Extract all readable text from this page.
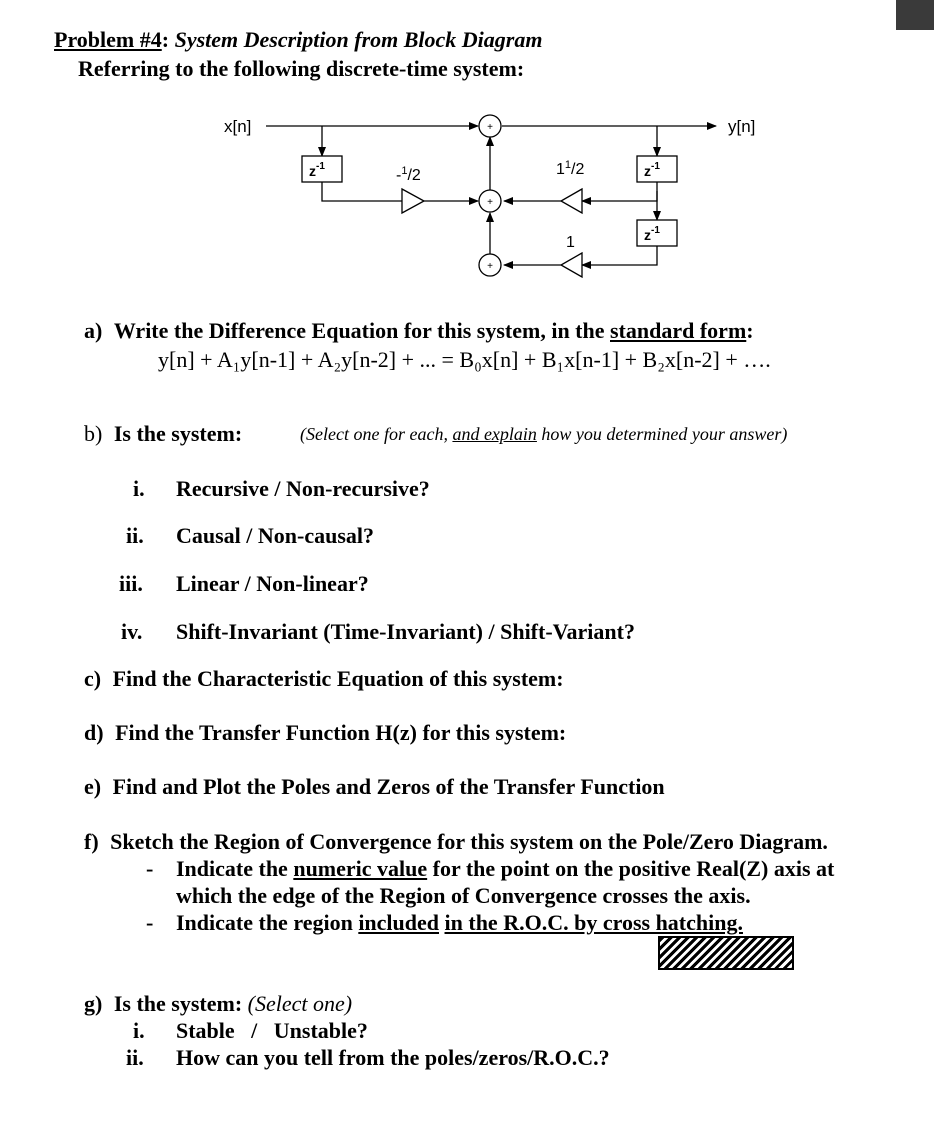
Problem #4: System Description from Block Diagram
Referring to the following discrete-time system:
+
+
+
x[n]	y[n]
$z^{-1}$	$z^{-1}$
$z^{-1}$
-$^1$/2	$1^1/2$
1
a) Write the Difference Equation for this system, in the standard form:
y[n] + A₁y[n-1] + A₂y[n-2] + ... = B₀x[n] + B₁x[n-1] + B₂x[n-2] + ….
b) Is the system:	(Select one for each, and explain how you determined your answer)
i. Recursive / Non-recursive?
ii. Causal / Non-causal?
iii. Linear / Non-linear?
iv. Shift-Invariant (Time-Invariant) / Shift-Variant?
c) Find the Characteristic Equation of this system:
d) Find the Transfer Function H(z) for this system:
e) Find and Plot the Poles and Zeros of the Transfer Function
f) Sketch the Region of Convergence for this system on the Pole/Zero Diagram.
- Indicate the numeric value for the point on the positive Real(Z) axis at
which the edge of the Region of Convergence crosses the axis.
- Indicate the region included in the R.O.C. by cross hatching.
g) Is the system: (Select one)
i. Stable   /   Unstable?
ii. How can you tell from the poles/zeros/R.O.C.?
